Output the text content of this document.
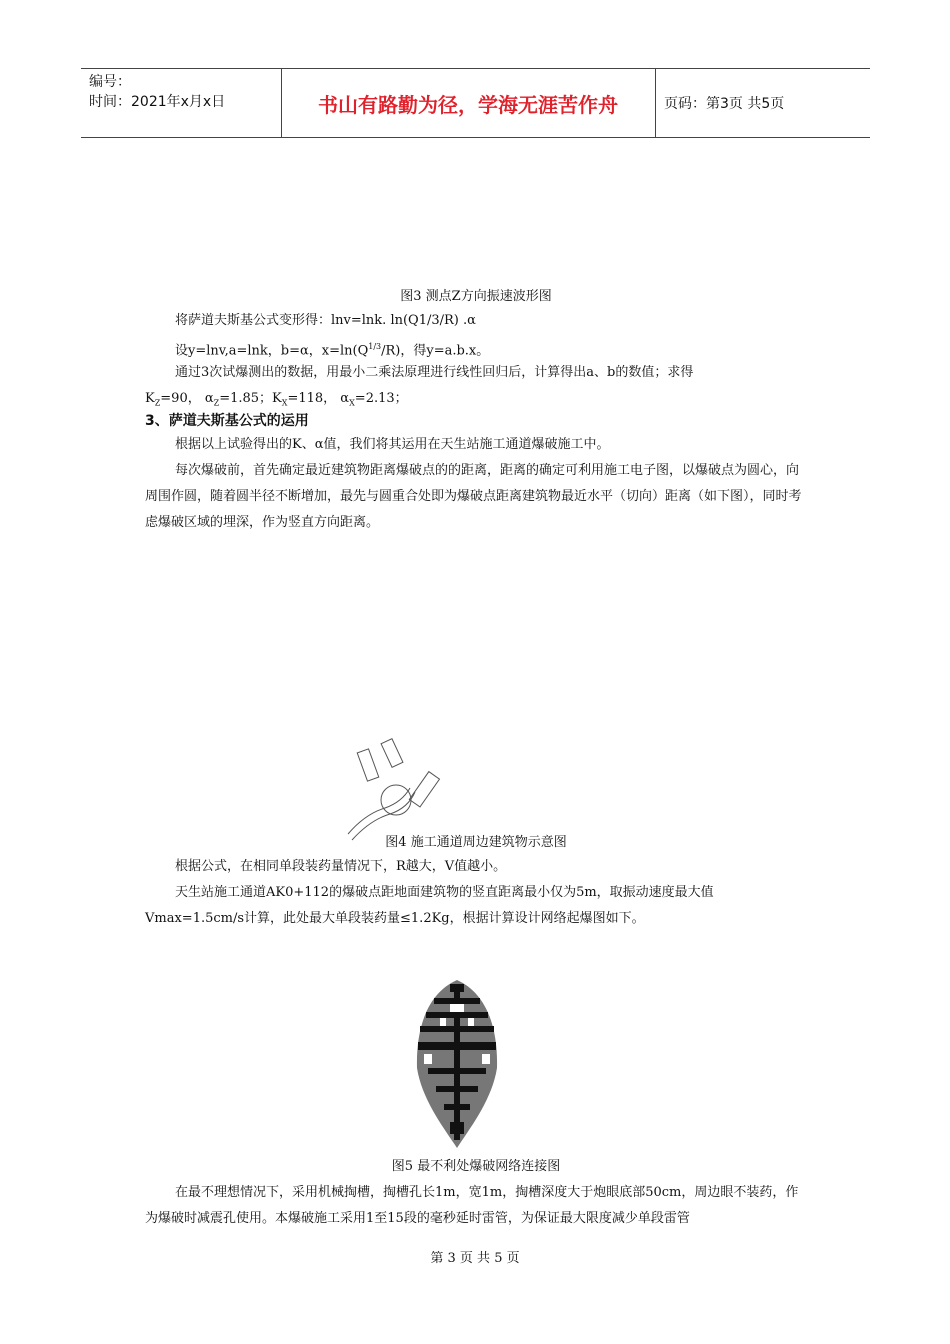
编号：
时间：2021年x月x日	书山有路勤为径，学海无涯苦作舟	页码：第3页 共5页
图3 测点Z方向振速波形图
将萨道夫斯基公式变形得：lnv=lnk. ln(Q1/3/R) .α
设y=lnv,a=lnk，b=α，$x=\ln(Q^{1/3}/R)$，得y=a.b.x。
通过3次试爆测出的数据，用最小二乘法原理进行线性回归后，计算得出a、b的数值；求得
$K_Z=90$， $\alpha_Z=1.85$；$K_X=118$， $\alpha_X=2.13$；
3、萨道夫斯基公式的运用
根据以上试验得出的K、α值，我们将其运用在天生站施工通道爆破施工中。
每次爆破前，首先确定最近建筑物距离爆破点的的距离，距离的确定可利用施工电子图，以爆破点为圆心，向周围作圆，随着圆半径不断增加，最先与圆重合处即为爆破点距离建筑物最近水平（切向）距离（如下图），同时考虑爆破区域的埋深，作为竖直方向距离。
图4 施工通道周边建筑物示意图
根据公式，在相同单段装药量情况下，R越大，V值越小。
天生站施工通道AK0+112的爆破点距地面建筑物的竖直距离最小仅为5m，取振动速度最大值Vmax=1.5cm/s计算，此处最大单段装药量≤1.2Kg，根据计算设计网络起爆图如下。
图5 最不利处爆破网络连接图
在最不理想情况下，采用机械掏槽，掏槽孔长1m，宽1m，掏槽深度大于炮眼底部50cm，周边眼不装药，作为爆破时减震孔使用。本爆破施工采用1至15段的毫秒延时雷管，为保证最大限度减少单段雷管
第 3 页 共 5 页
